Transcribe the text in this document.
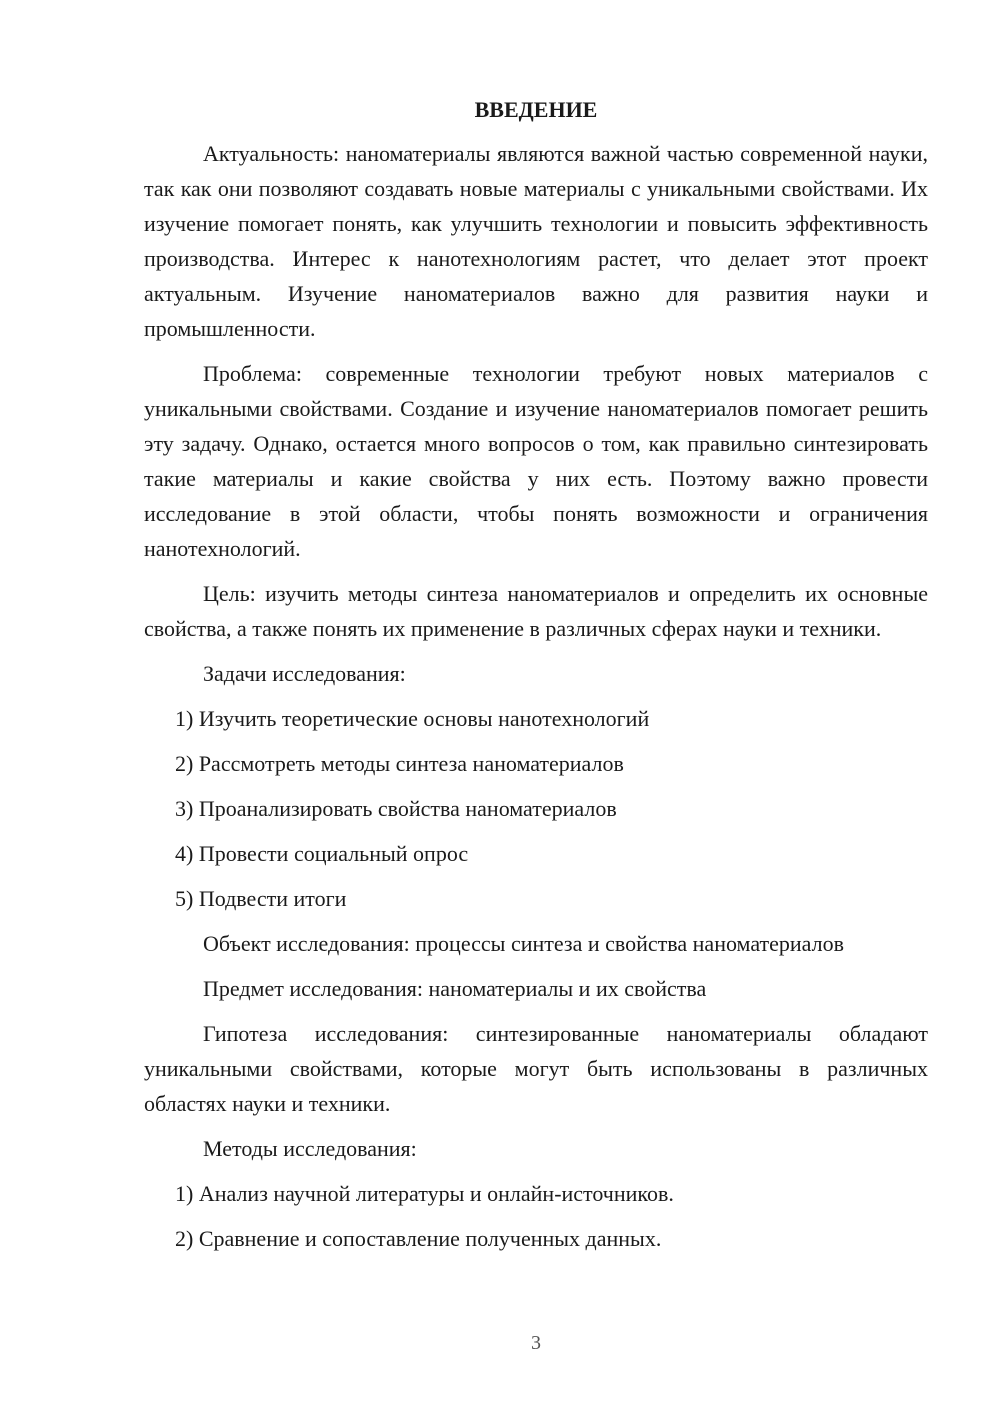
ВВЕДЕНИЕ

Актуальность: наноматериалы являются важной частью современной науки, так как они позволяют создавать новые материалы с уникальными свойствами. Их изучение помогает понять, как улучшить технологии и повысить эффективность производства. Интерес к нанотехнологиям растет, что делает этот проект актуальным. Изучение наноматериалов важно для развития науки и промышленности.

Проблема: современные технологии требуют новых материалов с уникальными свойствами. Создание и изучение наноматериалов помогает решить эту задачу. Однако, остается много вопросов о том, как правильно синтезировать такие материалы и какие свойства у них есть. Поэтому важно провести исследование в этой области, чтобы понять возможности и ограничения нанотехнологий.

Цель: изучить методы синтеза наноматериалов и определить их основные свойства, а также понять их применение в различных сферах науки и техники.

Задачи исследования:
1) Изучить теоретические основы нанотехнологий
2) Рассмотреть методы синтеза наноматериалов
3) Проанализировать свойства наноматериалов
4) Провести социальный опрос
5) Подвести итоги
Объект исследования: процессы синтеза и свойства наноматериалов
Предмет исследования: наноматериалы и их свойства

Гипотеза исследования: синтезированные наноматериалы обладают уникальными свойствами, которые могут быть использованы в различных областях науки и техники.

Методы исследования:
1) Анализ научной литературы и онлайн-источников.
2) Сравнение и сопоставление полученных данных.
3
